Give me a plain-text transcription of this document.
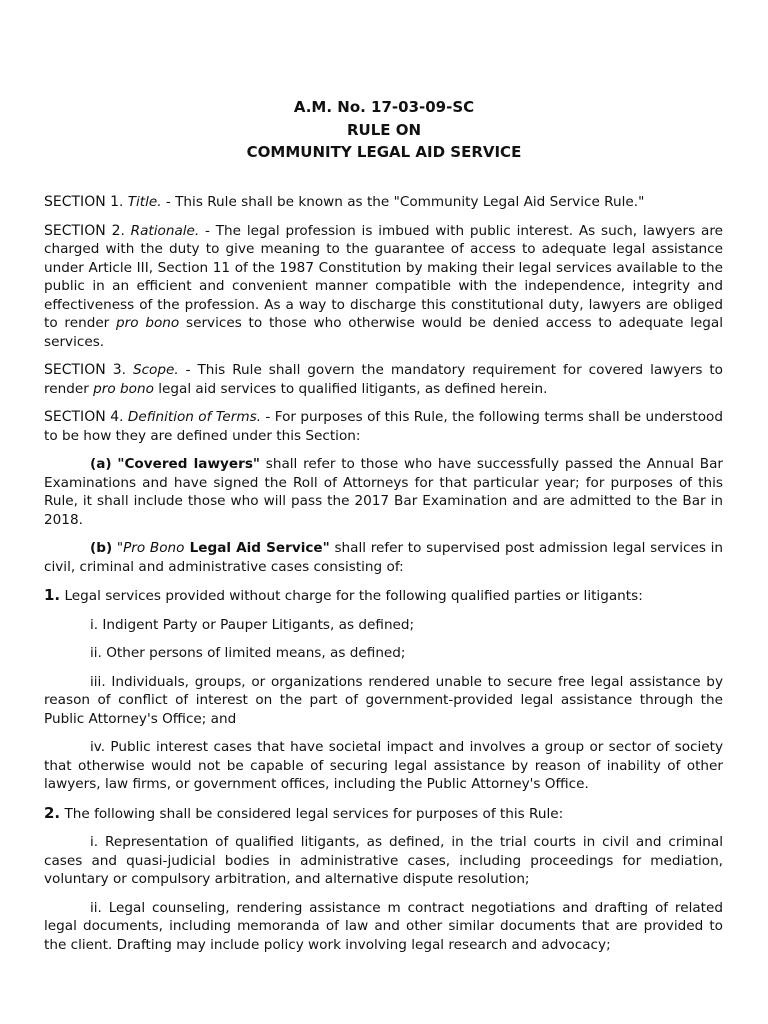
A.M. No. 17-03-09-SC
RULE ON
COMMUNITY LEGAL AID SERVICE

SECTION 1. Title. - This Rule shall be known as the "Community Legal Aid Service Rule."

SECTION 2. Rationale. - The legal profession is imbued with public interest. As such, lawyers are charged with the duty to give meaning to the guarantee of access to adequate legal assistance under Article III, Section 11 of the 1987 Constitution by making their legal services available to the public in an efficient and convenient manner compatible with the independence, integrity and effectiveness of the profession. As a way to discharge this constitutional duty, lawyers are obliged to render pro bono services to those who otherwise would be denied access to adequate legal services.

SECTION 3. Scope. - This Rule shall govern the mandatory requirement for covered lawyers to render pro bono legal aid services to qualified litigants, as defined herein.

SECTION 4. Definition of Terms. - For purposes of this Rule, the following terms shall be understood to be how they are defined under this Section:

(a) "Covered lawyers" shall refer to those who have successfully passed the Annual Bar Examinations and have signed the Roll of Attorneys for that particular year; for purposes of this Rule, it shall include those who will pass the 2017 Bar Examination and are admitted to the Bar in 2018.

(b) "Pro Bono Legal Aid Service" shall refer to supervised post admission legal services in civil, criminal and administrative cases consisting of:

1. Legal services provided without charge for the following qualified parties or litigants:

i. Indigent Party or Pauper Litigants, as defined;

ii. Other persons of limited means, as defined;

iii. Individuals, groups, or organizations rendered unable to secure free legal assistance by reason of conflict of interest on the part of government-provided legal assistance through the Public Attorney's Office; and

iv. Public interest cases that have societal impact and involves a group or sector of society that otherwise would not be capable of securing legal assistance by reason of inability of other lawyers, law firms, or government offices, including the Public Attorney's Office.

2. The following shall be considered legal services for purposes of this Rule:

i. Representation of qualified litigants, as defined, in the trial courts in civil and criminal cases and quasi-judicial bodies in administrative cases, including proceedings for mediation, voluntary or compulsory arbitration, and alternative dispute resolution;

ii. Legal counseling, rendering assistance m contract negotiations and drafting of related legal documents, including memoranda of law and other similar documents that are provided to the client. Drafting may include policy work involving legal research and advocacy;
